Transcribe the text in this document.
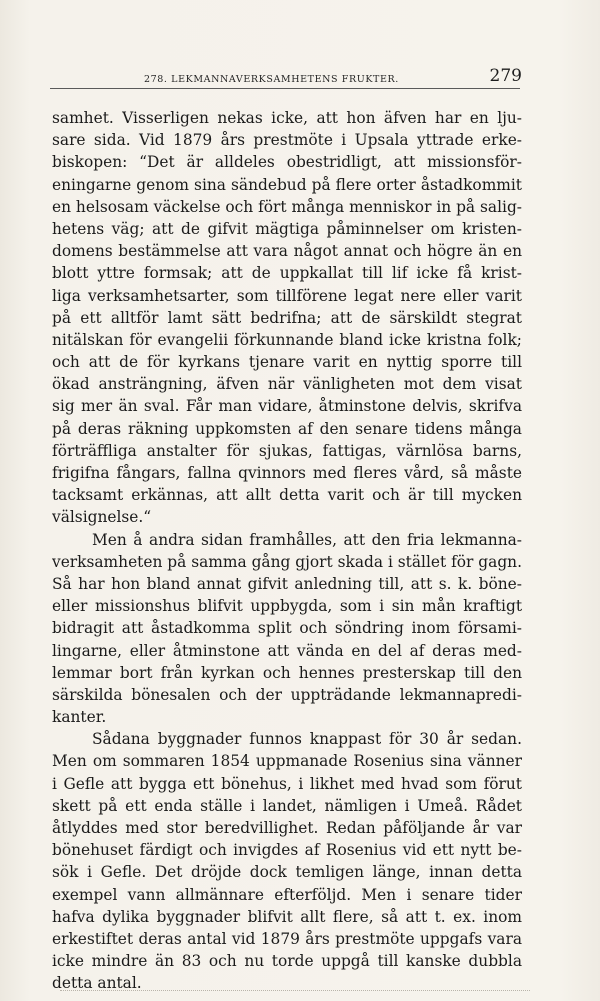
278. LEKMANNAVERKSAMHETENS FRUKTER.	279
samhet. Visserligen nekas icke, att hon äfven har en lju-
sare sida. Vid 1879 års prestmöte i Upsala yttrade erke-
biskopen: “Det är alldeles obestridligt, att missionsför-
eningarne genom sina sändebud på flere orter åstadkommit
en helsosam väckelse och fört många menniskor in på salig-
hetens väg; att de gifvit mägtiga påminnelser om kristen-
domens bestämmelse att vara något annat och högre än en
blott yttre formsak; att de uppkallat till lif icke få krist-
liga verksamhetsarter, som tillförene legat nere eller varit
på ett alltför lamt sätt bedrifna; att de särskildt stegrat
nitälskan för evangelii förkunnande bland icke kristna folk;
och att de för kyrkans tjenare varit en nyttig sporre till
ökad ansträngning, äfven när vänligheten mot dem visat
sig mer än sval. Får man vidare, åtminstone delvis, skrifva
på deras räkning uppkomsten af den senare tidens många
förträffliga anstalter för sjukas, fattigas, värnlösa barns,
frigifna fångars, fallna qvinnors med fleres vård, så måste
tacksamt erkännas, att allt detta varit och är till mycken
välsignelse.“
Men å andra sidan framhålles, att den fria lekmanna-
verksamheten på samma gång gjort skada i stället för gagn.
Så har hon bland annat gifvit anledning till, att s. k. böne-
eller missionshus blifvit uppbygda, som i sin mån kraftigt
bidragit att åstadkomma split och söndring inom försami-
lingarne, eller åtminstone att vända en del af deras med-
lemmar bort från kyrkan och hennes presterskap till den
särskilda bönesalen och der uppträdande lekmannapredi-
kanter.
Sådana byggnader funnos knappast för 30 år sedan.
Men om sommaren 1854 uppmanade Rosenius sina vänner
i Gefle att bygga ett bönehus, i likhet med hvad som förut
skett på ett enda ställe i landet, nämligen i Umeå. Rådet
åtlyddes med stor beredvillighet. Redan påföljande år var
bönehuset färdigt och invigdes af Rosenius vid ett nytt be-
sök i Gefle. Det dröjde dock temligen länge, innan detta
exempel vann allmännare efterföljd. Men i senare tider
hafva dylika byggnader blifvit allt flere, så att t. ex. inom
erkestiftet deras antal vid 1879 års prestmöte uppgafs vara
icke mindre än 83 och nu torde uppgå till kanske dubbla
detta antal.
